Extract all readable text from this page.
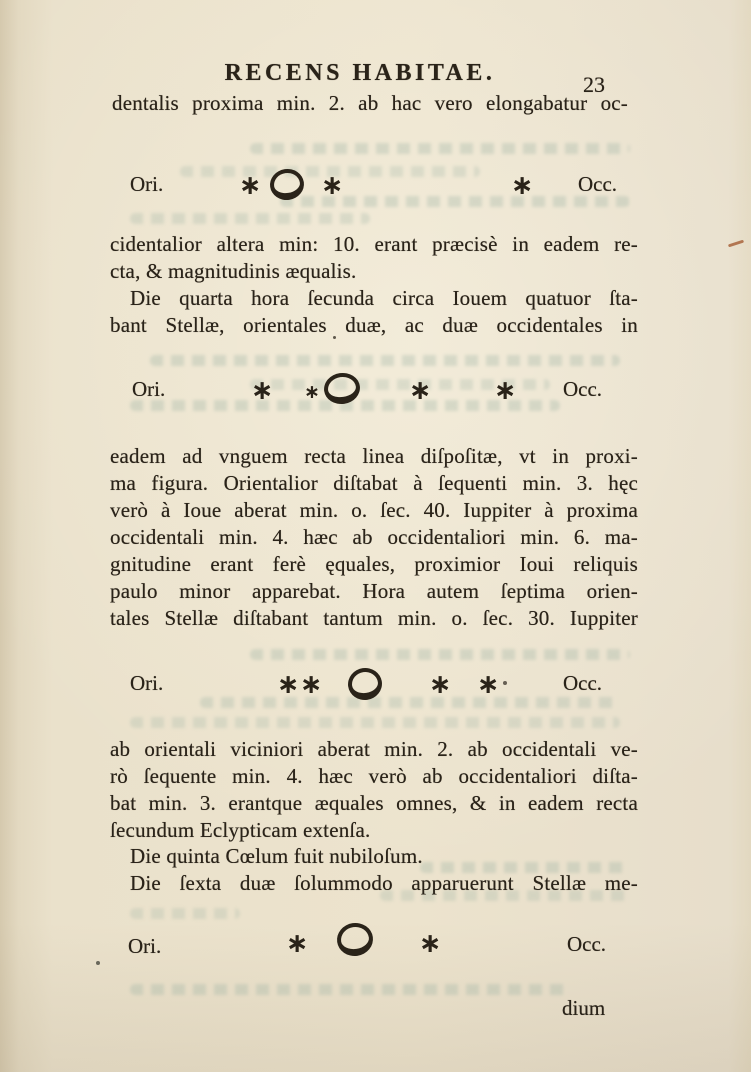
RECENS HABITAE.	23
dentalis proxima min. 2. ab hac vero elongabatur oc-
Ori.	∗ ∗	∗ Occ.
cidentalior altera min: 10. erant præcisè in eadem re-
cta, & magnitudinis æqualis.
Die quarta hora ſecunda circa Iouem quatuor ſta-
bant Stellæ, orientales duæ, ac duæ occidentales in
Ori.	∗ ∗	∗ ∗ Occ.
eadem ad vnguem recta linea diſpoſitæ, vt in proxi-
ma figura. Orientalior diſtabat à ſequenti min. 3. hęc
verò à Ioue aberat min. o. ſec. 40. Iuppiter à proxima
occidentali min. 4. hæc ab occidentaliori min. 6. ma-
gnitudine erant ferè ęquales, proximior Ioui reliquis
paulo minor apparebat. Hora autem ſeptima orien-
tales Stellæ diſtabant tantum min. o. ſec. 30. Iuppiter
Ori.	∗ ∗	∗ ∗	Occ.
ab orientali viciniori aberat min. 2. ab occidentali ve-
rò ſequente min. 4. hæc verò ab occidentaliori diſta-
bat min. 3. erantque æquales omnes, & in eadem recta
ſecundum Eclypticam extenſa.
Die quinta Cœlum fuit nubiloſum.
Die ſexta duæ ſolummodo apparuerunt Stellæ me-
Ori.	∗	∗	Occ.
dium
